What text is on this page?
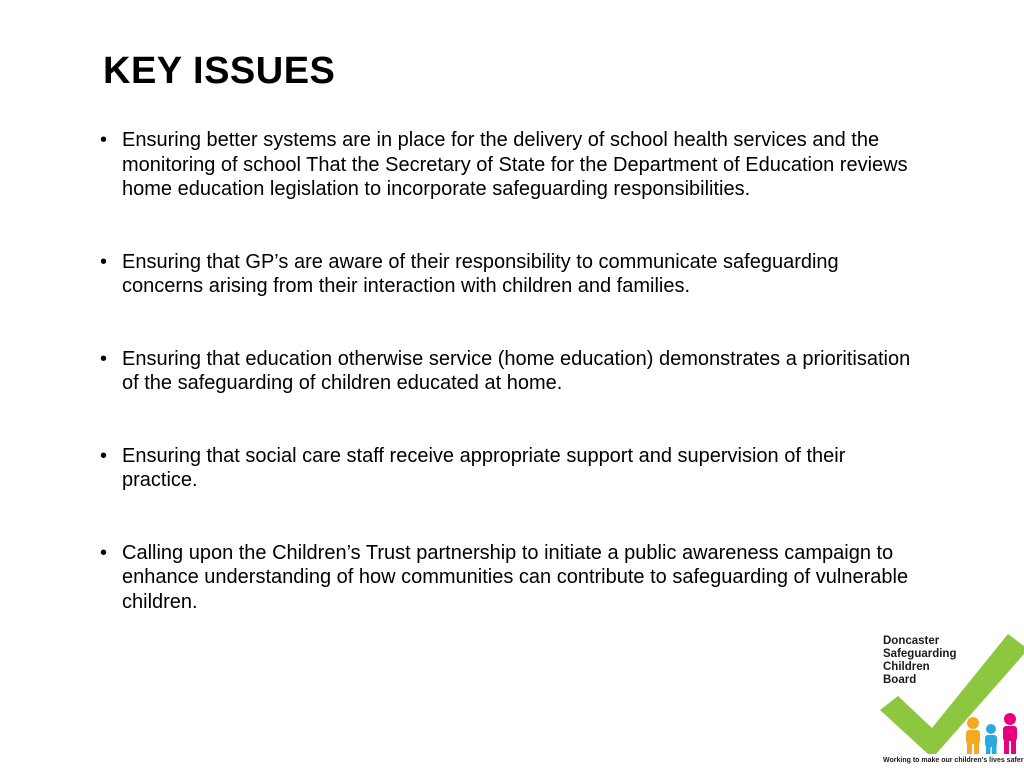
KEY ISSUES
• Ensuring better systems are in place for the delivery of school health services and the monitoring of school That the Secretary of State for the Department of Education reviews home education legislation to incorporate safeguarding responsibilities.
• Ensuring that GP’s are aware of their responsibility to communicate safeguarding concerns arising from their interaction with children and families.
• Ensuring that education otherwise service (home education) demonstrates a prioritisation of the safeguarding of children educated at home.
• Ensuring that social care staff receive appropriate support and supervision of their practice.
• Calling upon the Children’s Trust partnership to initiate a public awareness campaign to enhance understanding of how communities can contribute to safeguarding of vulnerable children.
Doncaster
Safeguarding
Children
Board
Working to make our children's lives safer
